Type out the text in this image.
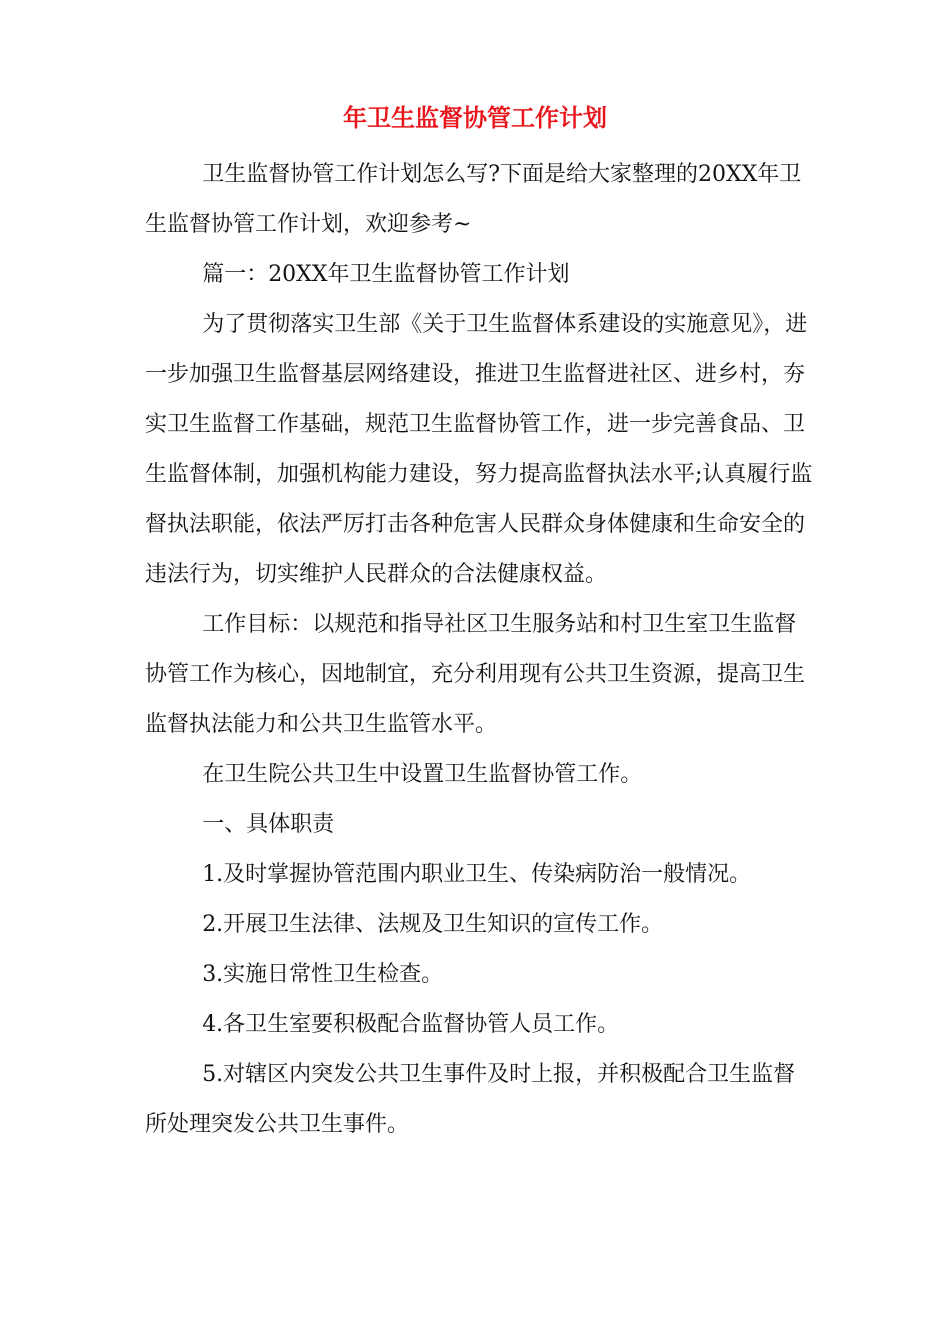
年卫生监督协管工作计划

卫生监督协管工作计划怎么写?下面是给大家整理的20XX年卫生监督协管工作计划，欢迎参考~

篇一：20XX年卫生监督协管工作计划

为了贯彻落实卫生部《关于卫生监督体系建设的实施意见》，进一步加强卫生监督基层网络建设，推进卫生监督进社区、进乡村，夯实卫生监督工作基础，规范卫生监督协管工作，进一步完善食品、卫生监督体制，加强机构能力建设，努力提高监督执法水平;认真履行监督执法职能，依法严厉打击各种危害人民群众身体健康和生命安全的违法行为，切实维护人民群众的合法健康权益。

工作目标：以规范和指导社区卫生服务站和村卫生室卫生监督协管工作为核心，因地制宜，充分利用现有公共卫生资源，提高卫生监督执法能力和公共卫生监管水平。

在卫生院公共卫生中设置卫生监督协管工作。

一、具体职责

1.及时掌握协管范围内职业卫生、传染病防治一般情况。

2.开展卫生法律、法规及卫生知识的宣传工作。

3.实施日常性卫生检查。

4.各卫生室要积极配合监督协管人员工作。

5.对辖区内突发公共卫生事件及时上报，并积极配合卫生监督所处理突发公共卫生事件。
